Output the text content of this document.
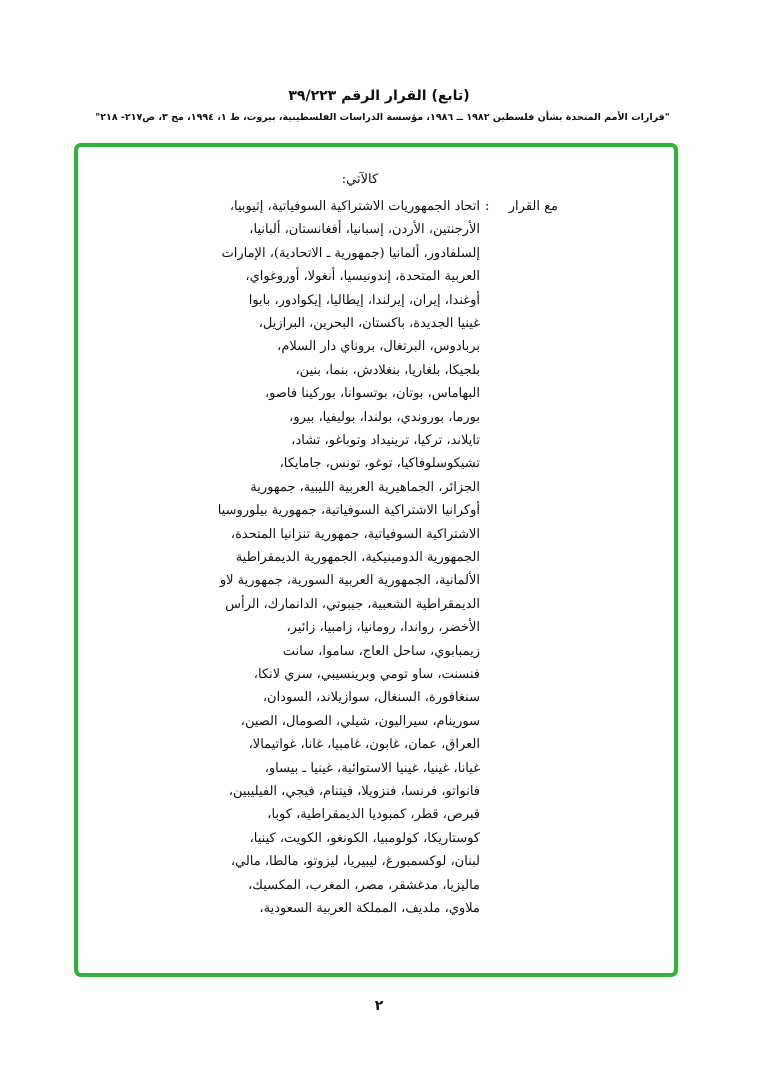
(تابع) القرار الرقم ٣٩/٢٢٣
"قرارات الأمم المتحدة بشأن فلسطين ١٩٨٢ ــ ١٩٨٦، مؤسسة الدراسات الفلسطينية، بيروت، ط ١، ١٩٩٤، مج ٣، ص٢١٧- ٢١٨"
كالآتي:
مع القرار
:
اتحاد الجمهوريات الاشتراكية السوفياتية، إثيوبيا،
الأرجنتين، الأردن، إسبانيا، أفغانستان، ألبانيا،
إلسلفادور، ألمانيا (جمهورية ـ الاتحادية)، الإمارات
العربية المتحدة، إندونيسيا، أنغولا، أوروغواي،
أوغندا، إيران، إيرلندا، إيطاليا، إيكوادور، بابوا
غينيا الجديدة، باكستان، البحرين، البرازيل،
بربادوس، البرتغال، بروناي دار السلام،
بلجيكا، بلغاريا، بنغلادش، بنما، بنين،
البهاماس، بوتان، بوتسوانا، بوركينا فاصو،
بورما، بوروندي، بولندا، بوليفيا، بيرو،
تايلاند، تركيا، ترينيداد وتوباغو، تشاد،
تشيكوسلوفاكيا، توغو، تونس، جامايكا،
الجزائر، الجماهيرية العربية الليبية، جمهورية
أوكرانيا الاشتراكية السوفياتية، جمهورية بيلوروسيا
الاشتراكية السوفياتية، جمهورية تنزانيا المتحدة،
الجمهورية الدومينيكية، الجمهورية الديمقراطية
الألمانية، الجمهورية العربية السورية، جمهورية لاو
الديمقراطية الشعبية، جيبوتي، الدانمارك، الرأس
الأخضر، رواندا، رومانيا، زامبيا، زائير،
زيمبابوي، ساحل العاج، ساموا، سانت
فنسنت، ساو تومي وبرينسيبي، سري لانكا،
سنغافورة، السنغال، سوازيلاند، السودان،
سورينام، سيراليون، شيلي، الصومال، الصين،
العراق، عمان، غابون، غامبيا، غانا، غواتيمالا،
غيانا، غينيا، غينيا الاستوائية، غينيا ـ بيساو،
فانواتو، فرنسا، فنزويلا، فيتنام، فيجي، الفيليبين،
قبرص، قطر، كمبوديا الديمقراطية، كوبا،
كوستاريكا، كولومبيا، الكونغو، الكويت، كينيا،
لبنان، لوكسمبورغ، ليبيريا، ليزوتو، مالطا، مالي،
ماليزيا، مدغشقر، مصر، المغرب، المكسيك،
ملاوي، ملديف، المملكة العربية السعودية،
٢
